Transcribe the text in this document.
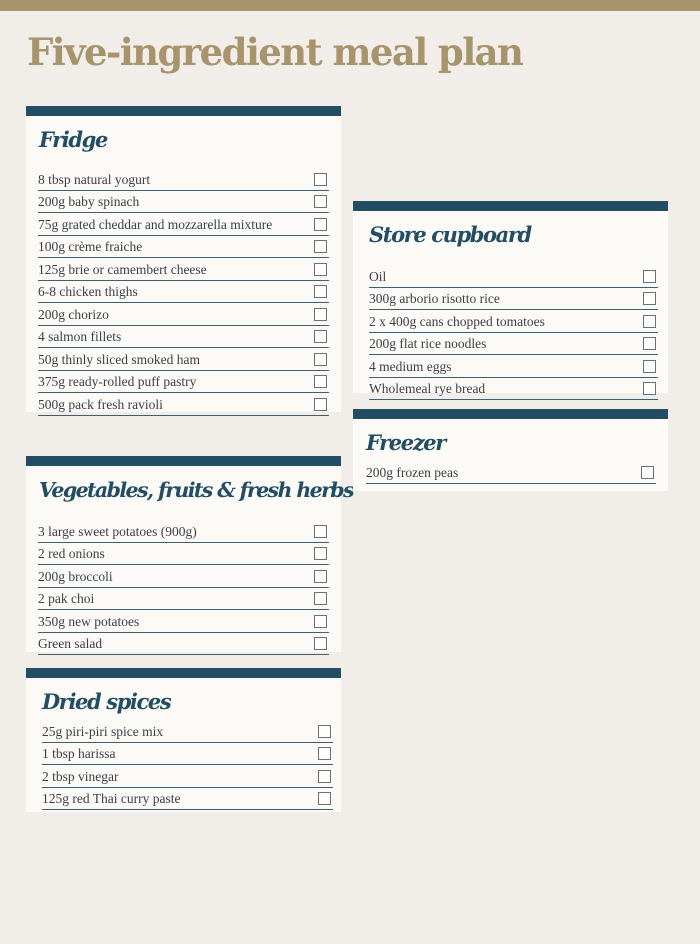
Five-ingredient meal plan
Fridge
8 tbsp natural yogurt
200g baby spinach
75g grated cheddar and mozzarella mixture
100g crème fraiche
125g brie or camembert cheese
6-8 chicken thighs
200g chorizo
4 salmon fillets
50g thinly sliced smoked ham
375g ready-rolled puff pastry
500g pack fresh ravioli
Vegetables, fruits & fresh herbs
3 large sweet potatoes (900g)
2 red onions
200g broccoli
2 pak choi
350g new potatoes
Green salad
Dried spices
25g piri-piri spice mix
1 tbsp harissa
2 tbsp vinegar
125g red Thai curry paste
Store cupboard
Oil
300g arborio risotto rice
2 x 400g cans chopped tomatoes
200g flat rice noodles
4 medium eggs
Wholemeal rye bread
Freezer
200g frozen peas
